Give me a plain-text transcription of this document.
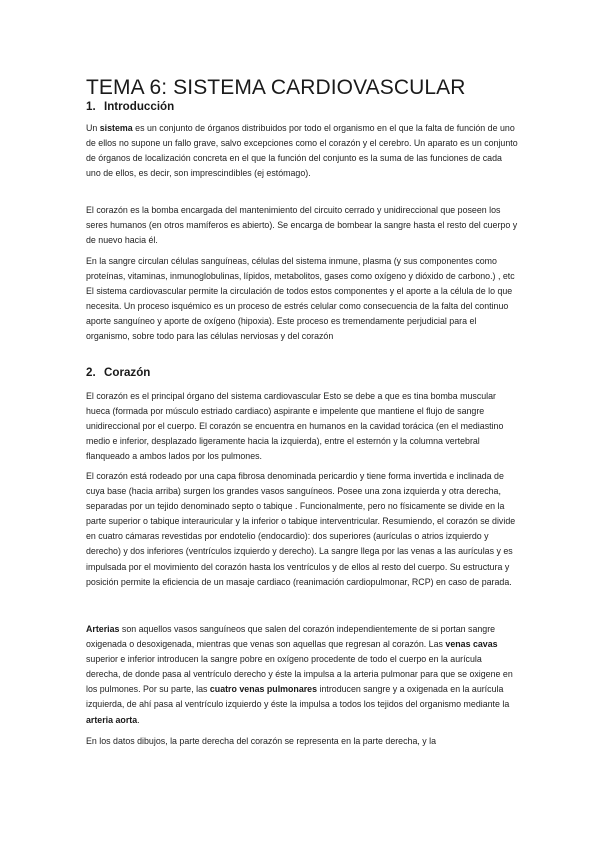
TEMA 6: SISTEMA CARDIOVASCULAR
1. Introducción

Un sistema es un conjunto de órganos distribuidos por todo el organismo en el que la falta de función de uno de ellos no supone un fallo grave, salvo excepciones como el corazón y el cerebro. Un aparato es un conjunto de órganos de localización concreta en el que la función del conjunto es la suma de las funciones de cada uno de ellos, es decir, son imprescindibles (ej estómago).

El corazón es la bomba encargada del mantenimiento del circuito cerrado y unidireccional que poseen los seres humanos (en otros mamíferos es abierto). Se encarga de bombear la sangre hasta el resto del cuerpo y de nuevo hacia él.

En la sangre circulan células sanguíneas, células del sistema inmune, plasma (y sus componentes como proteínas, vitaminas, inmunoglobulinas, lípidos, metabolitos, gases como oxígeno y dióxido de carbono.) , etc El sistema cardiovascular permite la circulación de todos estos componentes y el aporte a la célula de lo que necesita. Un proceso isquémico es un proceso de estrés celular como consecuencia de la falta del continuo aporte sanguíneo y aporte de oxígeno (hipoxia). Este proceso es tremendamente perjudicial para el organismo, sobre todo para las células nerviosas y del corazón

2. Corazón

El corazón es el principal órgano del sistema cardiovascular Esto se debe a que es tina bomba muscular hueca (formada por músculo estriado cardiaco) aspirante e impelente que mantiene el flujo de sangre unidireccional por el cuerpo. El corazón se encuentra en humanos en la cavidad torácica (en el mediastino medio e inferior, desplazado ligeramente hacia la izquierda), entre el esternón y la columna vertebral flanqueado a ambos lados por los pulmones.

El corazón está rodeado por una capa fibrosa denominada pericardio y tiene forma invertida e inclinada de cuya base (hacia arriba) surgen los grandes vasos sanguíneos. Posee una zona izquierda y otra derecha, separadas por un tejido denominado septo o tabique . Funcionalmente, pero no físicamente se divide en la parte superior o tabique interauricular y la inferior o tabique interventricular. Resumiendo, el corazón se divide en cuatro cámaras revestidas por endotelio (endocardio): dos superiores (aurículas o atrios izquierdo y derecho) y dos inferiores (ventrículos izquierdo y derecho). La sangre llega por las venas a las aurículas y es impulsada por el movimiento del corazón hasta los ventrículos y de ellos al resto del cuerpo. Su estructura y posición permite la eficiencia de un masaje cardiaco (reanimación cardiopulmonar, RCP) en caso de parada.

Arterias son aquellos vasos sanguíneos que salen del corazón independientemente de si portan sangre oxigenada o desoxigenada, mientras que venas son aquellas que regresan al corazón. Las venas cavas superior e inferior introducen la sangre pobre en oxígeno procedente de todo el cuerpo en la aurícula derecha, de donde pasa al ventrículo derecho y éste la impulsa a la arteria pulmonar para que se oxigene en los pulmones. Por su parte, las cuatro venas pulmonares introducen sangre y a oxigenada en la aurícula izquierda, de ahí pasa al ventrículo izquierdo y éste la impulsa a todos los tejidos del organismo mediante la arteria aorta.

En los datos dibujos, la parte derecha del corazón se representa en la parte derecha, y la
